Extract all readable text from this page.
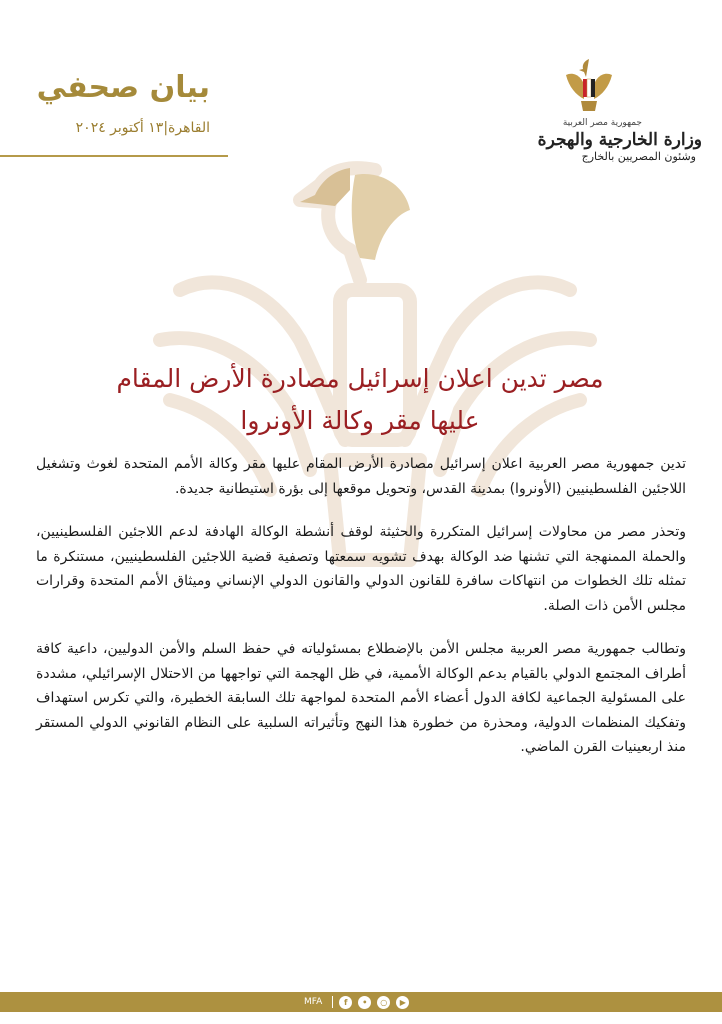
بيان صحفي
القاهرة|١٣ أكتوبر ٢٠٢٤	جمهورية مصر العربية
وزارة الخارجية والهجرة
وشئون المصريين بالخارج
مصر تدين اعلان إسرائيل مصادرة الأرض المقام
عليها مقر وكالة الأونروا

تدين جمهورية مصر العربية اعلان إسرائيل مصادرة الأرض المقام عليها مقر وكالة الأمم المتحدة لغوث وتشغيل اللاجئين الفلسطينيين (الأونروا) بمدينة القدس، وتحويل موقعها إلى بؤرة استيطانية جديدة.

وتحذر مصر من محاولات إسرائيل المتكررة والحثيثة لوقف أنشطة الوكالة الهادفة لدعم اللاجئين الفلسطينيين، والحملة الممنهجة التي تشنها ضد الوكالة بهدف تشويه سمعتها وتصفية قضية اللاجئين الفلسطينيين، مستنكرة ما تمثله تلك الخطوات من انتهاكات سافرة للقانون الدولي والقانون الدولي الإنساني وميثاق الأمم المتحدة وقرارات مجلس الأمن ذات الصلة.

وتطالب جمهورية مصر العربية مجلس الأمن بالإضطلاع بمسئولياته في حفظ السلم والأمن الدوليين، داعية كافة أطراف المجتمع الدولي بالقيام بدعم الوكالة الأممية، في ظل الهجمة التي تواجهها من الاحتلال الإسرائيلي، مشددة على المسئولية الجماعية لكافة الدول أعضاء الأمم المتحدة لمواجهة تلك السابقة الخطيرة، والتي تكرس استهداف وتفكيك المنظمات الدولية، ومحذرة من خطورة هذا النهج وتأثيراته السلبية على النظام القانوني الدولي المستقر منذ اربعينيات القرن الماضي.

MFA	f	•	○	▶
